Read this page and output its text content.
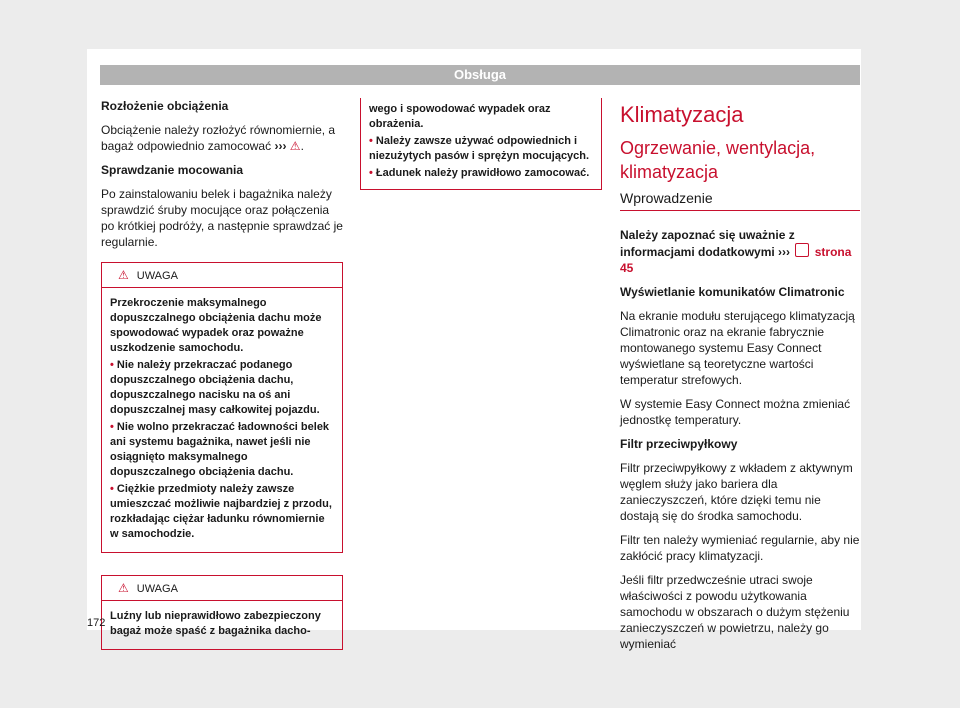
Obsługa

Rozłożenie obciążenia

Obciążenie należy rozłożyć równomiernie, a bagaż odpowiednio zamocować ››› ⚠.

Sprawdzanie mocowania

Po zainstalowaniu belek i bagażnika należy sprawdzić śruby mocujące oraz połączenia po krótkiej podróży, a następnie sprawdzać je regularnie.

⚠ UWAGA

Przekroczenie maksymalnego dopuszczalnego obciążenia dachu może spowodować wypadek oraz poważne uszkodzenie samochodu.

• Nie należy przekraczać podanego dopuszczalnego obciążenia dachu, dopuszczalnego nacisku na oś ani dopuszczalnej masy całkowitej pojazdu.

• Nie wolno przekraczać ładowności belek ani systemu bagażnika, nawet jeśli nie osiągnięto maksymalnego dopuszczalnego obciążenia dachu.

• Ciężkie przedmioty należy zawsze umieszczać możliwie najbardziej z przodu, rozkładając ciężar ładunku równomiernie w samochodzie.

⚠ UWAGA

Luźny lub nieprawidłowo zabezpieczony bagaż może spaść z bagażnika dacho-

wego i spowodować wypadek oraz obrażenia.

• Należy zawsze używać odpowiednich i niezużytych pasów i sprężyn mocujących.

• Ładunek należy prawidłowo zamocować.

Klimatyzacja
Ogrzewanie, wentylacja, klimatyzacja
Wprowadzenie

Należy zapoznać się uważnie z informacjami dodatkowymi ››› strona 45

Wyświetlanie komunikatów Climatronic

Na ekranie modułu sterującego klimatyzacją Climatronic oraz na ekranie fabrycznie montowanego systemu Easy Connect wyświetlane są teoretyczne wartości temperatur strefowych.

W systemie Easy Connect można zmieniać jednostkę temperatury.

Filtr przeciwpyłkowy

Filtr przeciwpyłkowy z wkładem z aktywnym węglem służy jako bariera dla zanieczyszczeń, które dzięki temu nie dostają się do środka samochodu.

Filtr ten należy wymieniać regularnie, aby nie zakłócić pracy klimatyzacji.

Jeśli filtr przedwcześnie utraci swoje właściwości z powodu użytkowania samochodu w obszarach o dużym stężeniu zanieczyszczeń w powietrzu, należy go wymieniać

172
